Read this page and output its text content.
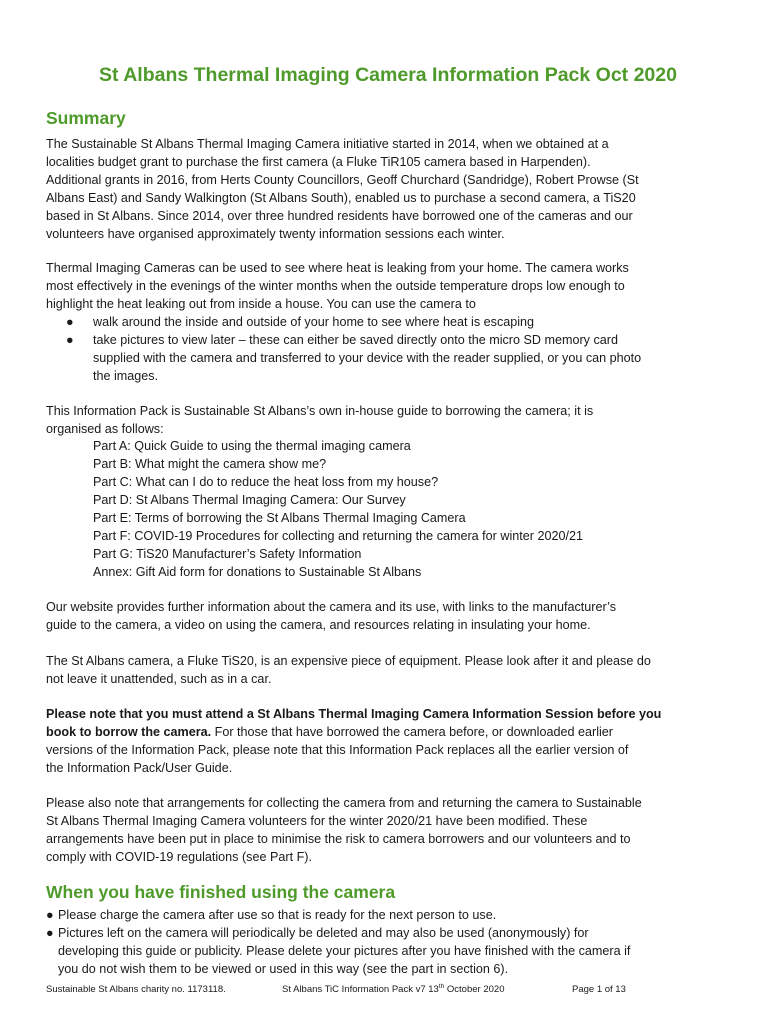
St Albans Thermal Imaging Camera Information Pack Oct 2020
Summary

The Sustainable St Albans Thermal Imaging Camera initiative started in 2014, when we obtained at a
localities budget grant to purchase the first camera (a Fluke TiR105 camera based in Harpenden).
Additional grants in 2016, from Herts County Councillors, Geoff Churchard (Sandridge), Robert Prowse (St
Albans East) and Sandy Walkington (St Albans South), enabled us to purchase a second camera, a TiS20
based in St Albans. Since 2014, over three hundred residents have borrowed one of the cameras and our
volunteers have organised approximately twenty information sessions each winter.

Thermal Imaging Cameras can be used to see where heat is leaking from your home. The camera works
most effectively in the evenings of the winter months when the outside temperature drops low enough to
highlight the heat leaking out from inside a house. You can use the camera to

● walk around the inside and outside of your home to see where heat is escaping
● take pictures to view later – these can either be saved directly onto the micro SD memory card
supplied with the camera and transferred to your device with the reader supplied, or you can photo
the images.

This Information Pack is Sustainable St Albans’s own in-house guide to borrowing the camera; it is
organised as follows:

Part A: Quick Guide to using the thermal imaging camera
Part B: What might the camera show me?
Part C: What can I do to reduce the heat loss from my house?
Part D: St Albans Thermal Imaging Camera: Our Survey
Part E: Terms of borrowing the St Albans Thermal Imaging Camera
Part F: COVID-19 Procedures for collecting and returning the camera for winter 2020/21
Part G: TiS20 Manufacturer’s Safety Information
Annex: Gift Aid form for donations to Sustainable St Albans

Our website provides further information about the camera and its use, with links to the manufacturer’s
guide to the camera, a video on using the camera, and resources relating in insulating your home.

The St Albans camera, a Fluke TiS20, is an expensive piece of equipment. Please look after it and please do
not leave it unattended, such as in a car.

Please note that you must attend a St Albans Thermal Imaging Camera Information Session before you
book to borrow the camera. For those that have borrowed the camera before, or downloaded earlier
versions of the Information Pack, please note that this Information Pack replaces all the earlier version of
the Information Pack/User Guide.

Please also note that arrangements for collecting the camera from and returning the camera to Sustainable
St Albans Thermal Imaging Camera volunteers for the winter 2020/21 have been modified. These
arrangements have been put in place to minimise the risk to camera borrowers and our volunteers and to
comply with COVID-19 regulations (see Part F).

When you have finished using the camera
● Please charge the camera after use so that is ready for the next person to use.
● Pictures left on the camera will periodically be deleted and may also be used (anonymously) for
developing this guide or publicity. Please delete your pictures after you have finished with the camera if
you do not wish them to be viewed or used in this way (see the part in section 6).
Sustainable St Albans charity no. 1173118.	St Albans TiC Information Pack v7 13th October 2020	Page 1 of 13
